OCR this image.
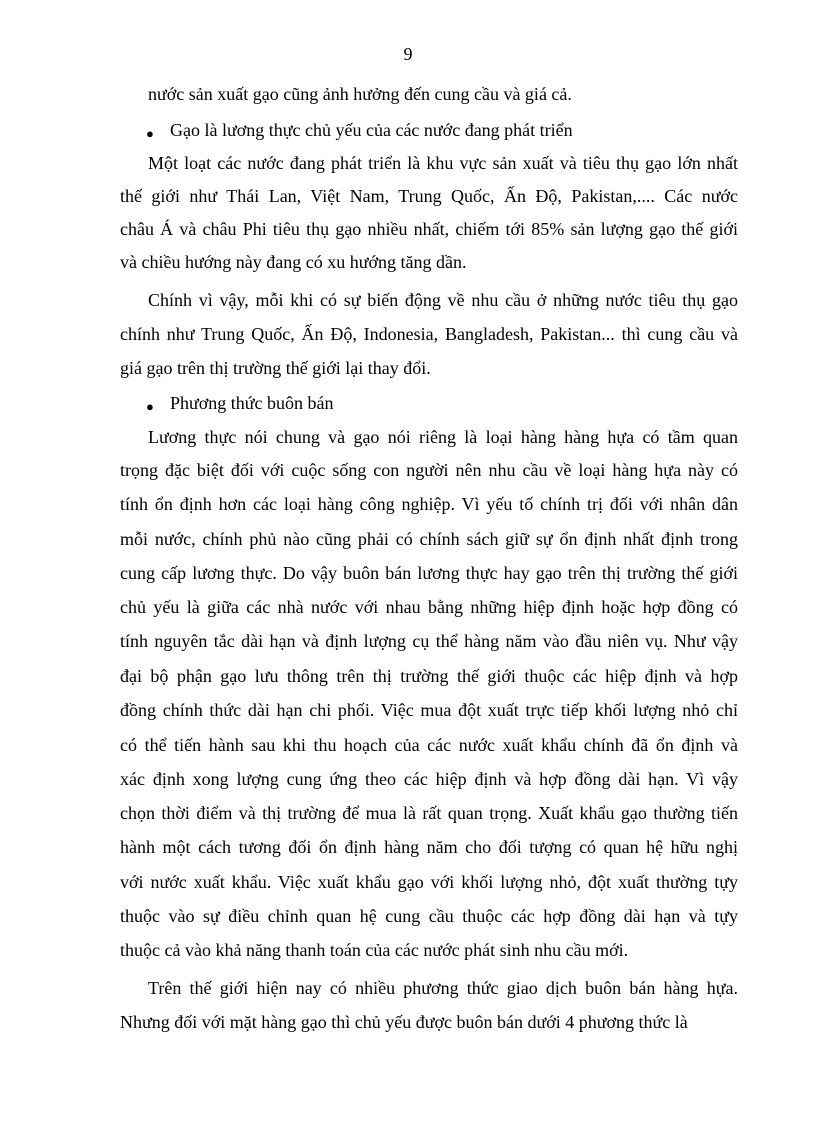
9
nước sản xuất gạo cũng ảnh hưởng đến cung cầu và giá cả.
● Gạo là lương thực chủ yếu của các nước đang phát triển
Một loạt các nước đang phát triển là khu vực sản xuất và tiêu thụ gạo lớn nhất
thế giới như Thái Lan, Việt Nam, Trung Quốc, Ấn Độ, Pakistan,.... Các nước
châu Á và châu Phi tiêu thụ gạo nhiều nhất, chiếm tới 85% sản lượng gạo thế giới
và chiều hướng này đang có xu hướng tăng dần.
Chính vì vậy, mỗi khi có sự biến động về nhu cầu ở những nước tiêu thụ gạo
chính như Trung Quốc, Ấn Độ, Indonesia, Bangladesh, Pakistan... thì cung cầu và
giá gạo trên thị trường thế giới lại thay đổi.
● Phương thức buôn bán
Lương thực nói chung và gạo nói riêng là loại hàng hàng hựa có tầm quan
trọng đặc biệt đối với cuộc sống con người nên nhu cầu về loại hàng hựa này có
tính ổn định hơn các loại hàng công nghiệp. Vì yếu tố chính trị đối với nhân dân
mỗi nước, chính phủ nào cũng phải có chính sách giữ sự ổn định nhất định trong
cung cấp lương thực. Do vậy buôn bán lương thực hay gạo trên thị trường thế giới
chủ yếu là giữa các nhà nước với nhau bằng những hiệp định hoặc hợp đồng có
tính nguyên tắc dài hạn và định lượng cụ thể hàng năm vào đầu niên vụ. Như vậy
đại bộ phận gạo lưu thông trên thị trường thế giới thuộc các hiệp định và hợp
đồng chính thức dài hạn chi phối. Việc mua đột xuất trực tiếp khối lượng nhỏ chỉ
có thể tiến hành sau khi thu hoạch của các nước xuất khẩu chính đã ổn định và
xác định xong lượng cung ứng theo các hiệp định và hợp đồng dài hạn. Vì vậy
chọn thời điểm và thị trường để mua là rất quan trọng. Xuất khẩu gạo thường tiến
hành một cách tương đối ổn định hàng năm cho đối tượng có quan hệ hữu nghị
với nước xuất khẩu. Việc xuất khẩu gạo với khối lượng nhỏ, đột xuất thường tựy
thuộc vào sự điều chỉnh quan hệ cung cầu thuộc các hợp đồng dài hạn và tựy
thuộc cả vào khả năng thanh toán của các nước phát sinh nhu cầu mới.
Trên thế giới hiện nay có nhiều phương thức giao dịch buôn bán hàng hựa.
Nhưng đối với mặt hàng gạo thì chủ yếu được buôn bán dưới 4 phương thức là
